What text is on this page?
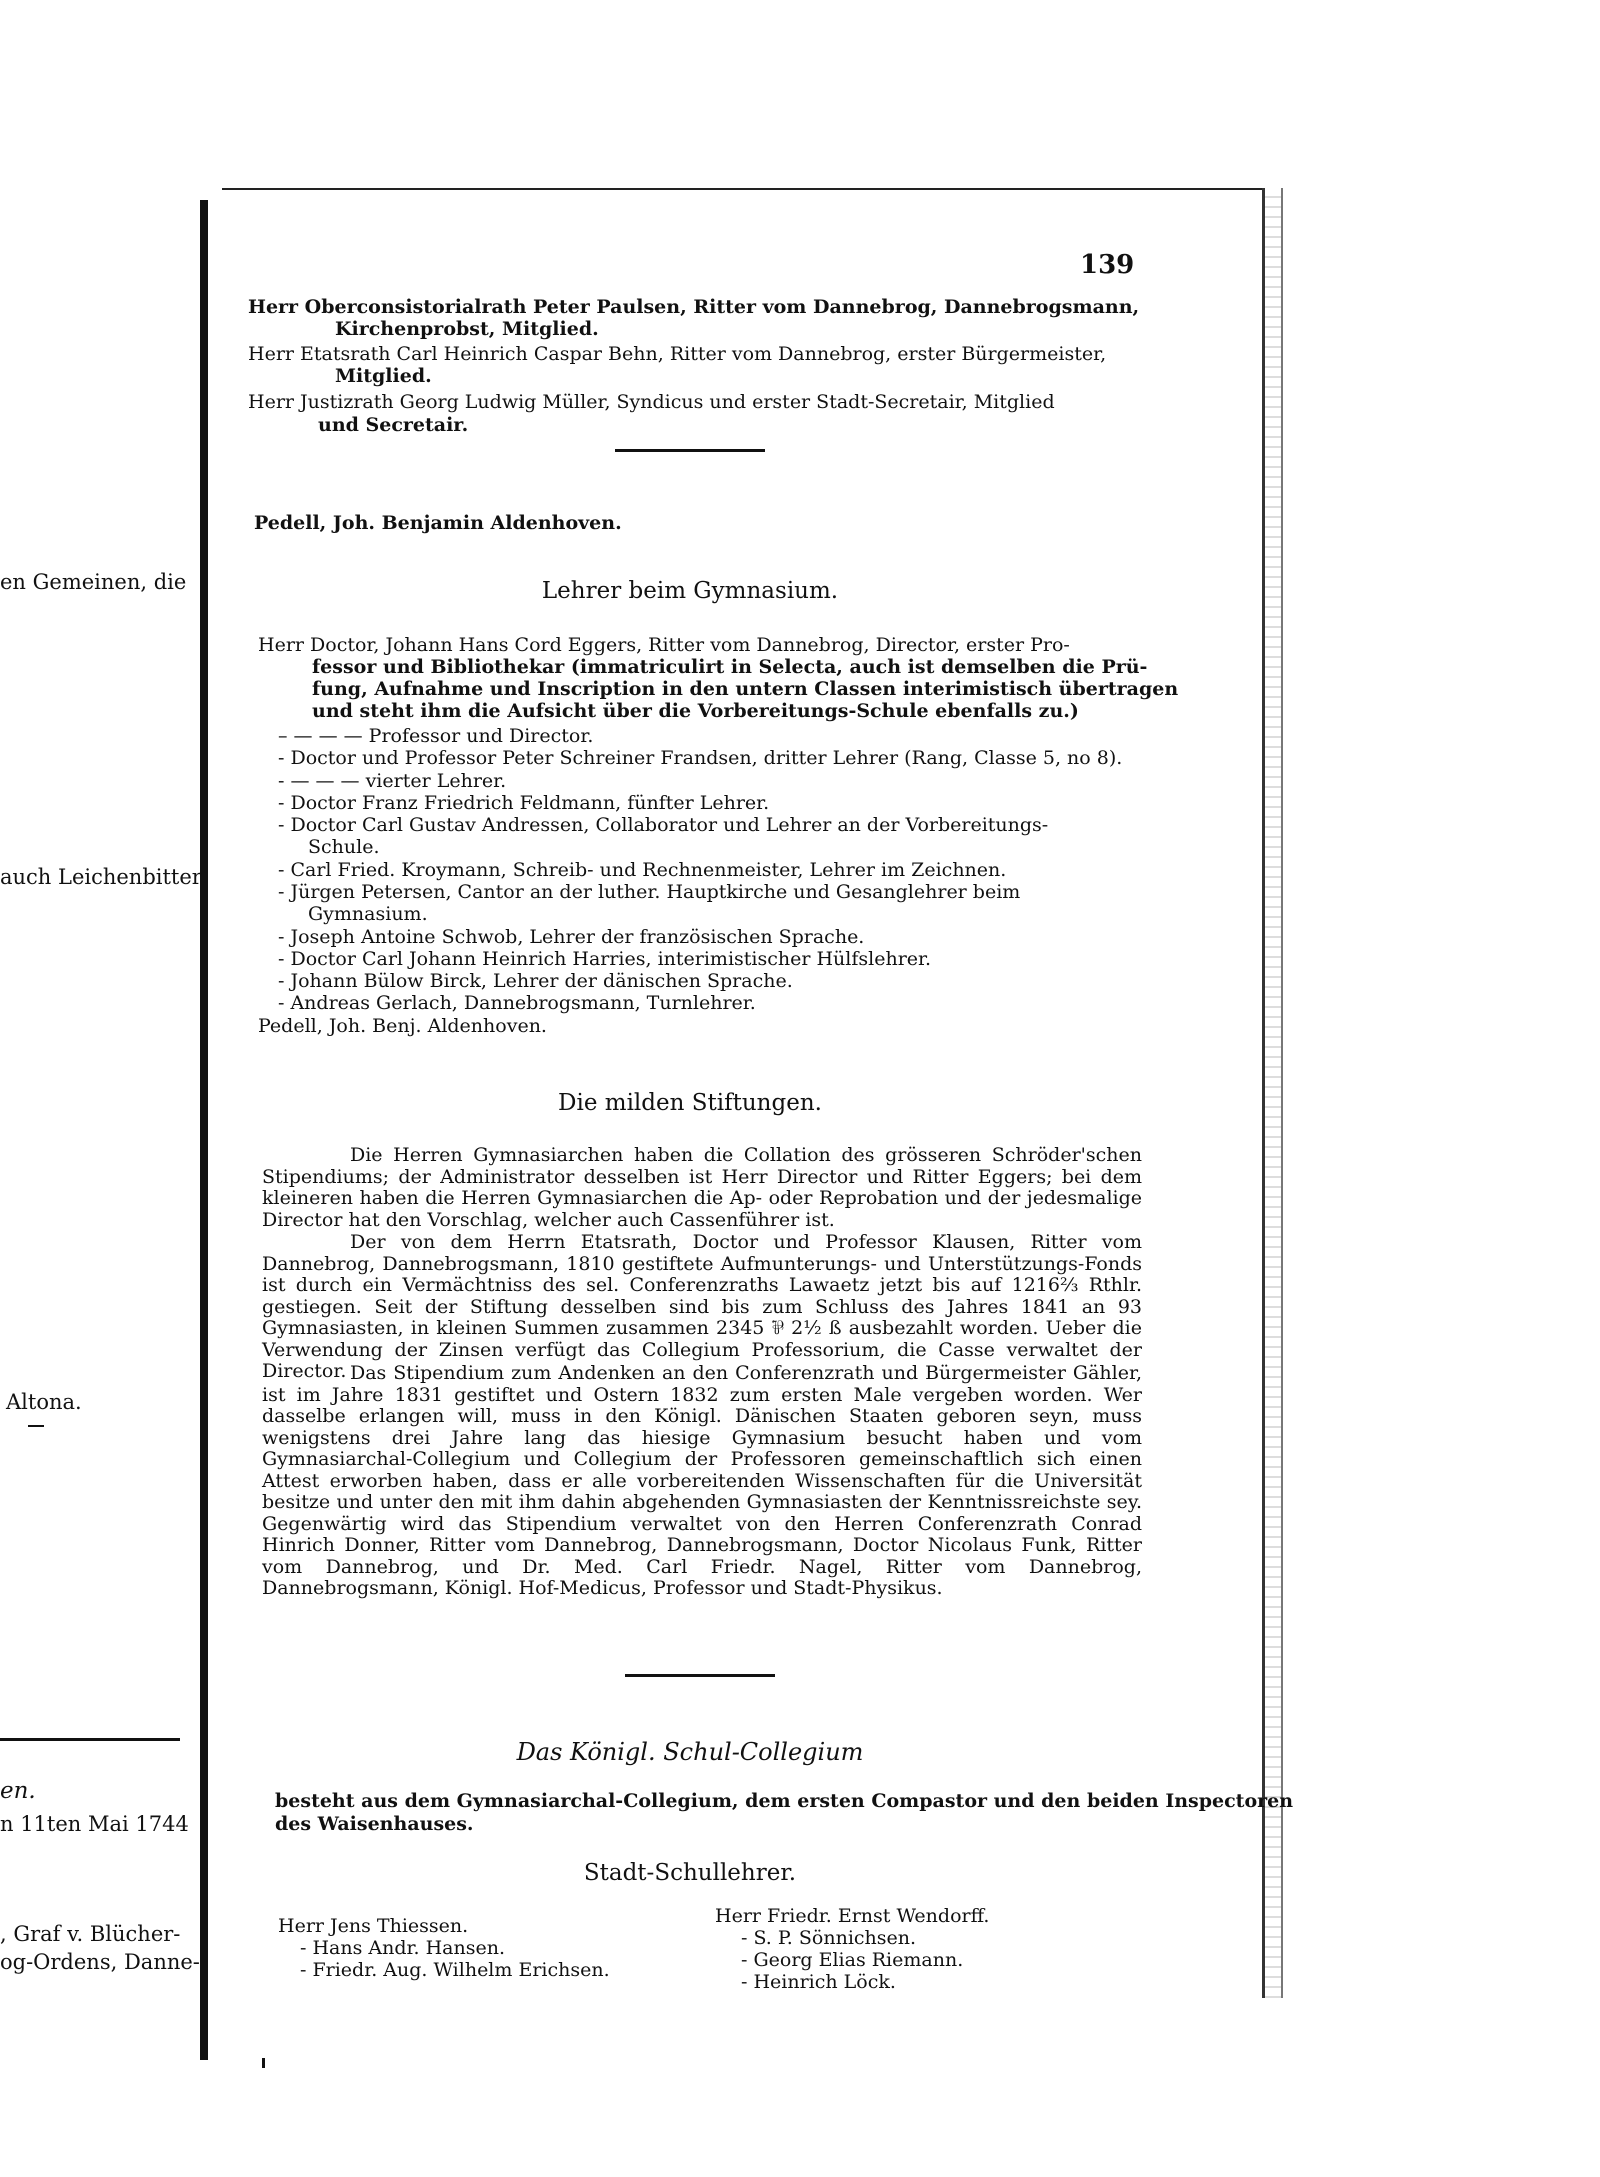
en Gemeinen, die
auch Leichenbitter
Altona.
en.
n 11ten Mai 1744
, Graf v. Blücher-
og-Ordens, Danne-
139
Herr Oberconsistorialrath Peter Paulsen, Ritter vom Dannebrog, Dannebrogsmann,
Kirchenprobst, Mitglied.
Herr Etatsrath Carl Heinrich Caspar Behn, Ritter vom Dannebrog, erster Bürgermeister,
Mitglied.
Herr Justizrath Georg Ludwig Müller, Syndicus und erster Stadt-Secretair, Mitglied
und Secretair.
Pedell, Joh. Benjamin Aldenhoven.
Lehrer beim Gymnasium.
Herr Doctor, Johann Hans Cord Eggers, Ritter vom Dannebrog, Director, erster Pro-
fessor und Bibliothekar (immatriculirt in Selecta, auch ist demselben die Prü-
fung, Aufnahme und Inscription in den untern Classen interimistisch übertragen
und steht ihm die Aufsicht über die Vorbereitungs-Schule ebenfalls zu.)
– — — — Professor und Director.
- Doctor und Professor Peter Schreiner Frandsen, dritter Lehrer (Rang, Classe 5, no 8).
- — — — vierter Lehrer.
- Doctor Franz Friedrich Feldmann, fünfter Lehrer.
- Doctor Carl Gustav Andressen, Collaborator und Lehrer an der Vorbereitungs-
Schule.
- Carl Fried. Kroymann, Schreib- und Rechnenmeister, Lehrer im Zeichnen.
- Jürgen Petersen, Cantor an der luther. Hauptkirche und Gesanglehrer beim
Gymnasium.
- Joseph Antoine Schwob, Lehrer der französischen Sprache.
- Doctor Carl Johann Heinrich Harries, interimistischer Hülfslehrer.
- Johann Bülow Birck, Lehrer der dänischen Sprache.
- Andreas Gerlach, Dannebrogsmann, Turnlehrer.
Pedell, Joh. Benj. Aldenhoven.
Die milden Stiftungen.
Die Herren Gymnasiarchen haben die Collation des grösseren Schröder'schen Stipendiums; der Administrator desselben ist Herr Director und Ritter Eggers; bei dem kleineren haben die Herren Gymnasiarchen die Ap- oder Reprobation und der jedesmalige Director hat den Vorschlag, welcher auch Cassenführer ist.
Der von dem Herrn Etatsrath, Doctor und Professor Klausen, Ritter vom Dannebrog, Dannebrogsmann, 1810 gestiftete Aufmunterungs- und Unterstützungs-Fonds ist durch ein Vermächtniss des sel. Conferenzraths Lawaetz jetzt bis auf 1216⅔ Rthlr. gestiegen. Seit der Stiftung desselben sind bis zum Schluss des Jahres 1841 an 93 Gymnasiasten, in kleinen Summen zusammen 2345 ⅌ 2½ ß ausbezahlt worden. Ueber die Verwendung der Zinsen verfügt das Collegium Professorium, die Casse verwaltet der Director. Das Stipendium zum Andenken an den Conferenzrath und Bürgermeister Gähler, ist im Jahre 1831 gestiftet und Ostern 1832 zum ersten Male vergeben worden. Wer dasselbe erlangen will, muss in den Königl. Dänischen Staaten geboren seyn, muss wenigstens drei Jahre lang das hiesige Gymnasium besucht haben und vom Gymnasiarchal-Collegium und Collegium der Professoren gemeinschaftlich sich einen Attest erworben haben, dass er alle vorbereitenden Wissenschaften für die Universität besitze und unter den mit ihm dahin abgehenden Gymnasiasten der Kenntnissreichste sey. Gegenwärtig wird das Stipendium verwaltet von den Herren Conferenzrath Conrad Hinrich Donner, Ritter vom Dannebrog, Dannebrogsmann, Doctor Nicolaus Funk, Ritter vom Dannebrog, und Dr. Med. Carl Friedr. Nagel, Ritter vom Dannebrog, Dannebrogsmann, Königl. Hof-Medicus, Professor und Stadt-Physikus.
Das Königl. Schul-Collegium
besteht aus dem Gymnasiarchal-Collegium, dem ersten Compastor und den beiden Inspectoren
des Waisenhauses.
Stadt-Schullehrer.
Herr Jens Thiessen.
- Hans Andr. Hansen.
- Friedr. Aug. Wilhelm Erichsen.
Herr Friedr. Ernst Wendorff.
- S. P. Sönnichsen.
- Georg Elias Riemann.
- Heinrich Löck.
